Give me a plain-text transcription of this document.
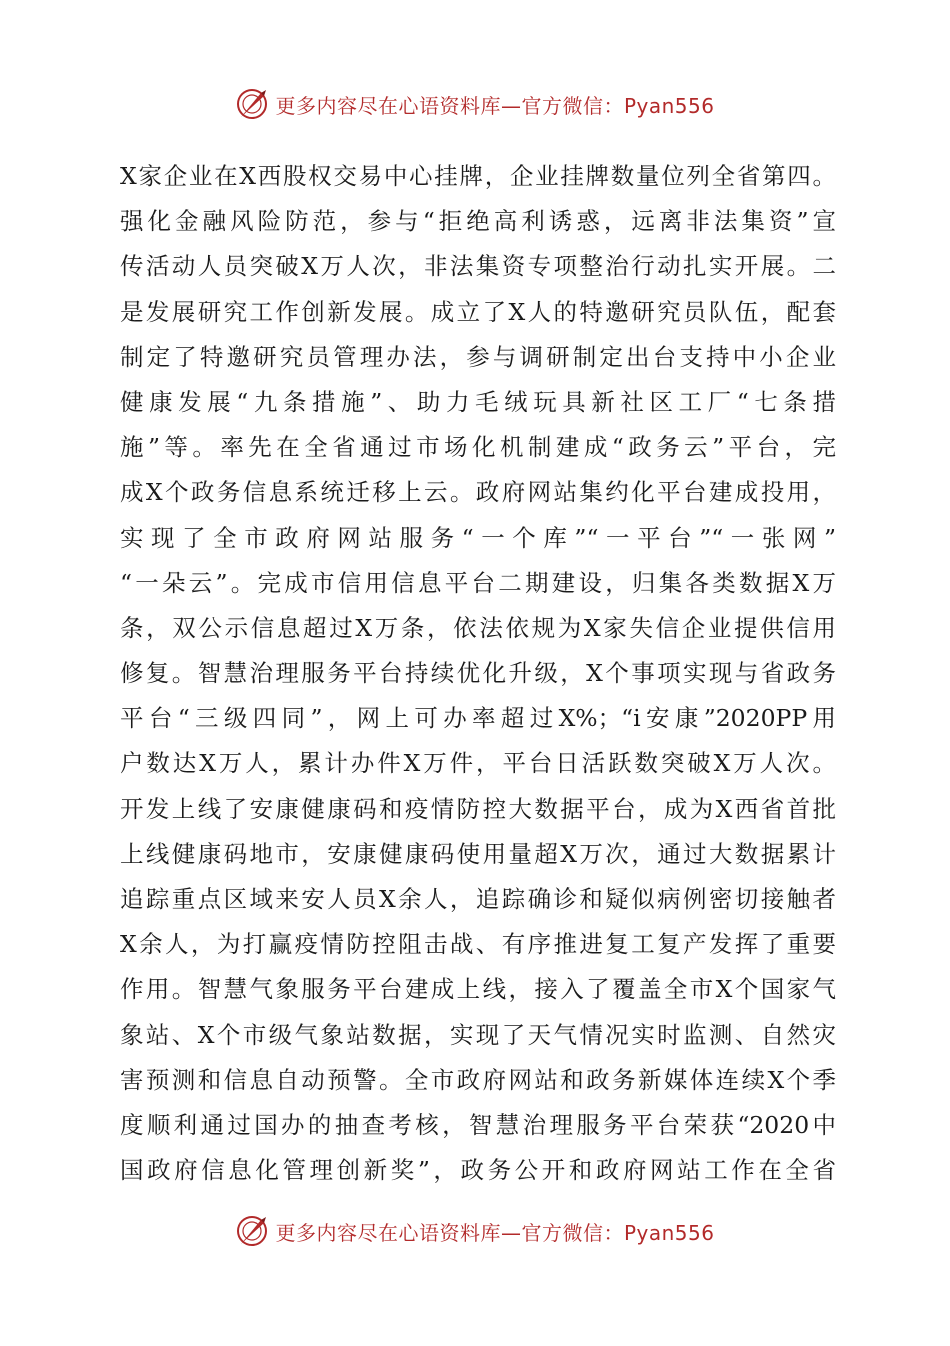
更多内容尽在心语资料库—官方微信：Pyan556
X家企业在X西股权交易中心挂牌，企业挂牌数量位列全省第四。
强化金融风险防范，参与“拒绝高利诱惑，远离非法集资”宣
传活动人员突破X万人次，非法集资专项整治行动扎实开展。二
是发展研究工作创新发展。成立了X人的特邀研究员队伍，配套
制定了特邀研究员管理办法，参与调研制定出台支持中小企业
健康发展“九条措施”、助力毛绒玩具新社区工厂“七条措
施”等。率先在全省通过市场化机制建成“政务云”平台，完
成X个政务信息系统迁移上云。政府网站集约化平台建成投用，
实现了全市政府网站服务“一个库”“一平台”“一张网”
“一朵云”。完成市信用信息平台二期建设，归集各类数据X万
条，双公示信息超过X万条，依法依规为X家失信企业提供信用
修复。智慧治理服务平台持续优化升级，X个事项实现与省政务
平台“三级四同”，网上可办率超过X%；“i安康”2020PP用
户数达X万人，累计办件X万件，平台日活跃数突破X万人次。
开发上线了安康健康码和疫情防控大数据平台，成为X西省首批
上线健康码地市，安康健康码使用量超X万次，通过大数据累计
追踪重点区域来安人员X余人，追踪确诊和疑似病例密切接触者
X余人，为打赢疫情防控阻击战、有序推进复工复产发挥了重要
作用。智慧气象服务平台建成上线，接入了覆盖全市X个国家气
象站、X个市级气象站数据，实现了天气情况实时监测、自然灾
害预测和信息自动预警。全市政府网站和政务新媒体连续X个季
度顺利通过国办的抽查考核，智慧治理服务平台荣获“2020中
国政府信息化管理创新奖”，政务公开和政府网站工作在全省
更多内容尽在心语资料库—官方微信：Pyan556
